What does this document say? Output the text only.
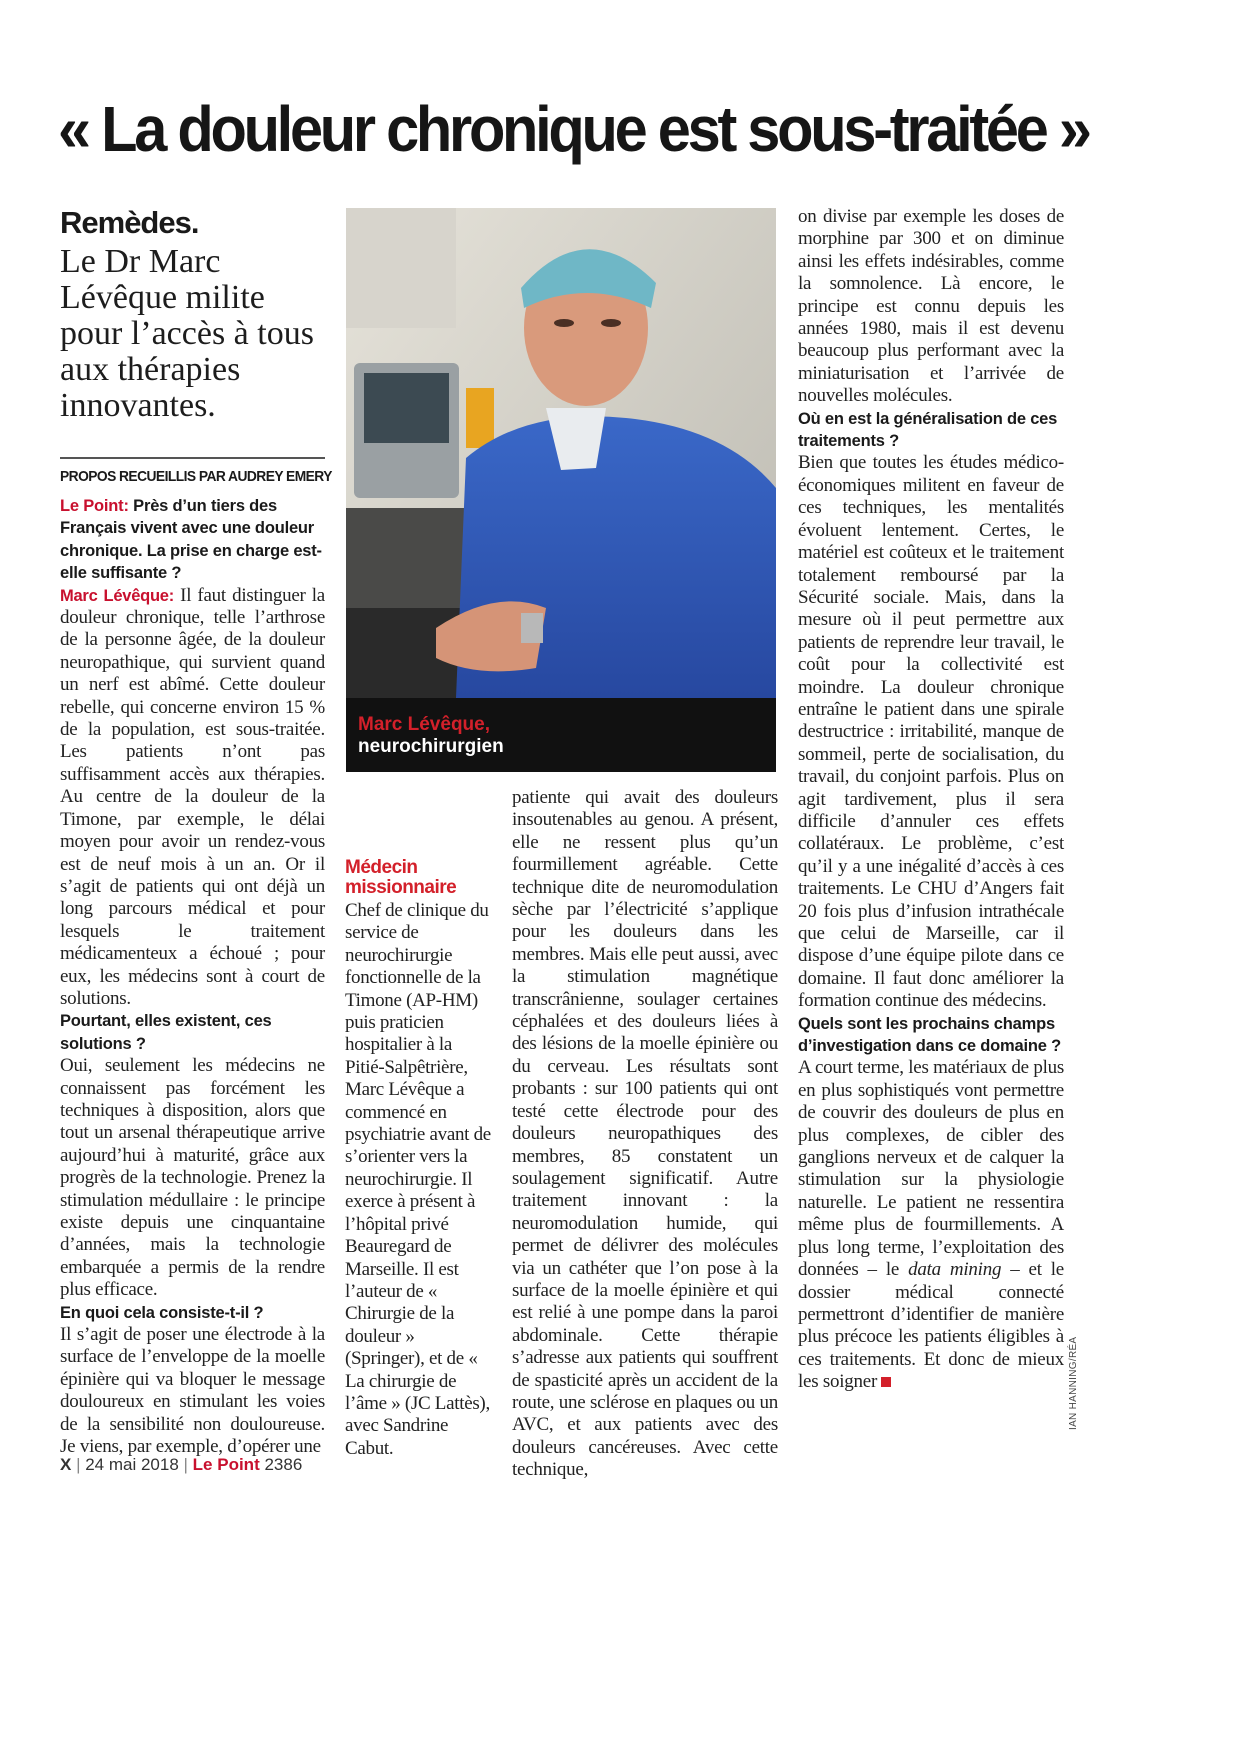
« La douleur chronique est sous-traitée »
Remèdes.
Le Dr Marc Lévêque milite pour l’accès à tous aux thérapies innovantes.
PROPOS RECUEILLIS PAR AUDREY EMERY

Le Point: Près d’un tiers des Français vivent avec une douleur chronique. La prise en charge est-elle suffisante ?

Marc Lévêque: Il faut distinguer la douleur chronique, telle l’arthrose de la personne âgée, de la douleur neuropathique, qui survient quand un nerf est abîmé. Cette douleur rebelle, qui concerne environ 15 % de la population, est sous-traitée. Les patients n’ont pas suffisamment accès aux thérapies. Au centre de la douleur de la Timone, par exemple, le délai moyen pour avoir un rendez-vous est de neuf mois à un an. Or il s’agit de patients qui ont déjà un long parcours médical et pour lesquels le traitement médicamenteux a échoué ; pour eux, les médecins sont à court de solutions.

Pourtant, elles existent, ces solutions ?

Oui, seulement les médecins ne connaissent pas forcément les techniques à disposition, alors que tout un arsenal thérapeutique arrive aujourd’hui à maturité, grâce aux progrès de la technologie. Prenez la stimulation médullaire : le principe existe depuis une cinquantaine d’années, mais la technologie embarquée a permis de la rendre plus efficace.

En quoi cela consiste-t-il ?

Il s’agit de poser une électrode à la surface de l’enveloppe de la moelle épinière qui va bloquer le message douloureux en stimulant les voies de la sensibilité non douloureuse. Je viens, par exemple, d’opérer une

Marc Lévêque,
neurochirurgien
Médecin missionnaire
Chef de clinique du service de neurochirurgie fonctionnelle de la Timone (AP-HM) puis praticien hospitalier à la Pitié-Salpêtrière, Marc Lévêque a commencé en psychiatrie avant de s’orienter vers la neurochirurgie. Il exerce à présent à l’hôpital privé Beauregard de Marseille. Il est l’auteur de « Chirurgie de la douleur » (Springer), et de « La chirurgie de l’âme » (JC Lattès), avec Sandrine Cabut.

patiente qui avait des douleurs insoutenables au genou. A présent, elle ne ressent plus qu’un fourmillement agréable. Cette technique dite de neuromodulation sèche par l’électricité s’applique pour les douleurs dans les membres. Mais elle peut aussi, avec la stimulation magnétique transcrânienne, soulager certaines céphalées et des douleurs liées à des lésions de la moelle épinière ou du cerveau. Les résultats sont probants : sur 100 patients qui ont testé cette électrode pour des douleurs neuropathiques des membres, 85 constatent un soulagement significatif. Autre traitement innovant : la neuromodulation humide, qui permet de délivrer des molécules via un cathéter que l’on pose à la surface de la moelle épinière et qui est relié à une pompe dans la paroi abdominale. Cette thérapie s’adresse aux patients qui souffrent de spasticité après un accident de la route, une sclérose en plaques ou un AVC, et aux patients avec des douleurs cancéreuses. Avec cette technique,

on divise par exemple les doses de morphine par 300 et on diminue ainsi les effets indésirables, comme la somnolence. Là encore, le principe est connu depuis les années 1980, mais il est devenu beaucoup plus performant avec la miniaturisation et l’arrivée de nouvelles molécules.

Où en est la généralisation de ces traitements ?

Bien que toutes les études médico-économiques militent en faveur de ces techniques, les mentalités évoluent lentement. Certes, le matériel est coûteux et le traitement totalement remboursé par la Sécurité sociale. Mais, dans la mesure où il peut permettre aux patients de reprendre leur travail, le coût pour la collectivité est moindre. La douleur chronique entraîne le patient dans une spirale destructrice : irritabilité, manque de sommeil, perte de socialisation, du travail, du conjoint parfois. Plus on agit tardivement, plus il sera difficile d’annuler ces effets collatéraux. Le problème, c’est qu’il y a une inégalité d’accès à ces traitements. Le CHU d’Angers fait 20 fois plus d’infusion intrathécale que celui de Marseille, car il dispose d’une équipe pilote dans ce domaine. Il faut donc améliorer la formation continue des médecins.

Quels sont les prochains champs d’investigation dans ce domaine ?

A court terme, les matériaux de plus en plus sophistiqués vont permettre de couvrir des douleurs de plus en plus complexes, de cibler des ganglions nerveux et de calquer la stimulation sur la physiologie naturelle. Le patient ne ressentira même plus de fourmillements. A plus long terme, l’exploitation des données – le data mining – et le dossier médical connecté permettront d’identifier de manière plus précoce les patients éligibles à ces traitements. Et donc de mieux les soigner	IAN HANNING/RÉA
X | 24 mai 2018 | Le Point 2386
